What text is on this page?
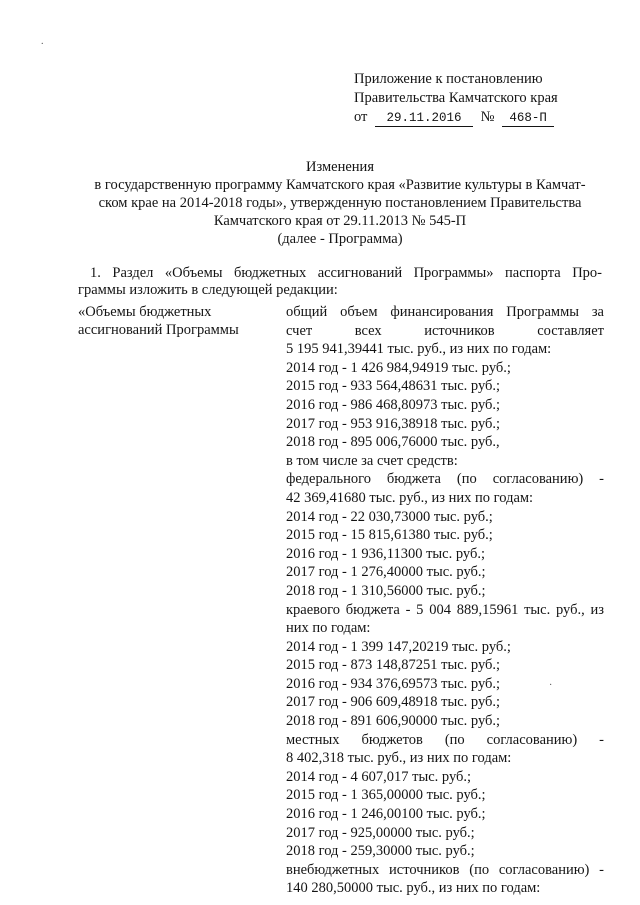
.
·
Приложение к постановлению
Правительства Камчатского края
от 29.11.2016 № 468-П
Изменения
в государственную программу Камчатского края «Развитие культуры в Камчат-
ском крае на 2014-2018 годы», утвержденную постановлением Правительства
Камчатского края от 29.11.2013 № 545-П
(далее - Программа)
1. Раздел «Объемы бюджетных ассигнований Программы» паспорта Про-
граммы изложить в следующей редакции:
«Объемы бюджетных
ассигнований Программы
общий объем финансирования Программы за
счет всех источников составляет
5 195 941,39441 тыс. руб., из них по годам:
2014 год - 1 426 984,94919 тыс. руб.;
2015 год - 933 564,48631 тыс. руб.;
2016 год - 986 468,80973 тыс. руб.;
2017 год - 953 916,38918 тыс. руб.;
2018 год - 895 006,76000 тыс. руб.,
в том числе за счет средств:
федерального бюджета (по согласованию) -
42 369,41680 тыс. руб., из них по годам:
2014 год - 22 030,73000 тыс. руб.;
2015 год - 15 815,61380 тыс. руб.;
2016 год - 1 936,11300 тыс. руб.;
2017 год - 1 276,40000 тыс. руб.;
2018 год - 1 310,56000 тыс. руб.;
краевого бюджета - 5 004 889,15961 тыс. руб., из
них по годам:
2014 год - 1 399 147,20219 тыс. руб.;
2015 год - 873 148,87251 тыс. руб.;
2016 год - 934 376,69573 тыс. руб.;
2017 год - 906 609,48918 тыс. руб.;
2018 год - 891 606,90000 тыс. руб.;
местных бюджетов (по согласованию) -
8 402,318 тыс. руб., из них по годам:
2014 год - 4 607,017 тыс. руб.;
2015 год - 1 365,00000 тыс. руб.;
2016 год - 1 246,00100 тыс. руб.;
2017 год - 925,00000 тыс. руб.;
2018 год - 259,30000 тыс. руб.;
внебюджетных источников (по согласованию) -
140 280,50000 тыс. руб., из них по годам:
